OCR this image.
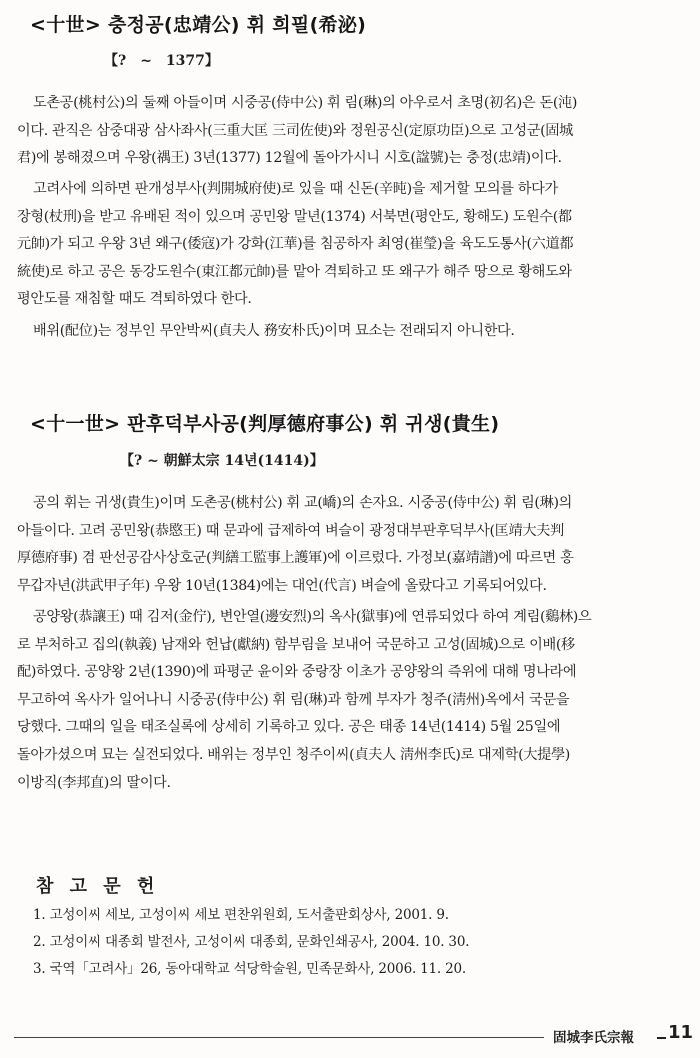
<十世> 충정공(忠靖公) 휘 희필(希泌)
【?　~　1377】
도촌공(桃村公)의 둘째 아들이며 시중공(侍中公) 휘 림(琳)의 아우로서 초명(初名)은 돈(沌)
이다. 관직은 삼중대광 삼사좌사(三重大匡 三司佐使)와 정원공신(定原功臣)으로 고성군(固城
君)에 봉해졌으며 우왕(禑王) 3년(1377) 12월에 돌아가시니 시호(諡號)는 충정(忠靖)이다.
고려사에 의하면 판개성부사(判開城府使)로 있을 때 신돈(辛旽)을 제거할 모의를 하다가
장형(杖刑)을 받고 유배된 적이 있으며 공민왕 말년(1374) 서북면(평안도, 황해도) 도원수(都
元帥)가 되고 우왕 3년 왜구(倭寇)가 강화(江華)를 침공하자 최영(崔瑩)을 육도도통사(六道都
統使)로 하고 공은 동강도원수(東江都元帥)를 맡아 격퇴하고 또 왜구가 해주 땅으로 황해도와
평안도를 재침할 때도 격퇴하였다 한다.
배위(配位)는 정부인 무안박씨(貞夫人 務安朴氏)이며 묘소는 전래되지 아니한다.
<十一世> 판후덕부사공(判厚德府事公) 휘 귀생(貴生)
【? ~ 朝鮮太宗 14년(1414)】
공의 휘는 귀생(貴生)이며 도촌공(桃村公) 휘 교(嶠)의 손자요. 시중공(侍中公) 휘 림(琳)의
아들이다. 고려 공민왕(恭愍王) 때 문과에 급제하여 벼슬이 광정대부판후덕부사(匡靖大夫判
厚德府事) 겸 판선공감사상호군(判繕工監事上護軍)에 이르렀다. 가정보(嘉靖譜)에 따르면 홍
무갑자년(洪武甲子年) 우왕 10년(1384)에는 대언(代言) 벼슬에 올랐다고 기록되어있다.
공양왕(恭讓王) 때 김저(金佇), 변안열(邊安烈)의 옥사(獄事)에 연류되었다 하여 계림(鷄林)으
로 부처하고 집의(執義) 남재와 헌납(獻納) 함부림을 보내어 국문하고 고성(固城)으로 이배(移
配)하였다. 공양왕 2년(1390)에 파평군 윤이와 중랑장 이초가 공양왕의 즉위에 대해 명나라에
무고하여 옥사가 일어나니 시중공(侍中公) 휘 림(琳)과 함께 부자가 청주(淸州)옥에서 국문을
당했다. 그때의 일을 태조실록에 상세히 기록하고 있다. 공은 태종 14년(1414) 5월 25일에
돌아가셨으며 묘는 실전되었다. 배위는 정부인 청주이씨(貞夫人 淸州李氏)로 대제학(大提學)
이방직(李邦直)의 딸이다.
참 고 문 헌
1. 고성이씨 세보, 고성이씨 세보 편찬위원회, 도서출판회상사, 2001. 9.
2. 고성이씨 대종회 발전사, 고성이씨 대종회, 문화인쇄공사, 2004. 10. 30.
3. 국역「고려사」26, 동아대학교 석당학술원, 민족문화사, 2006. 11. 20.
固城李氏宗報 11
